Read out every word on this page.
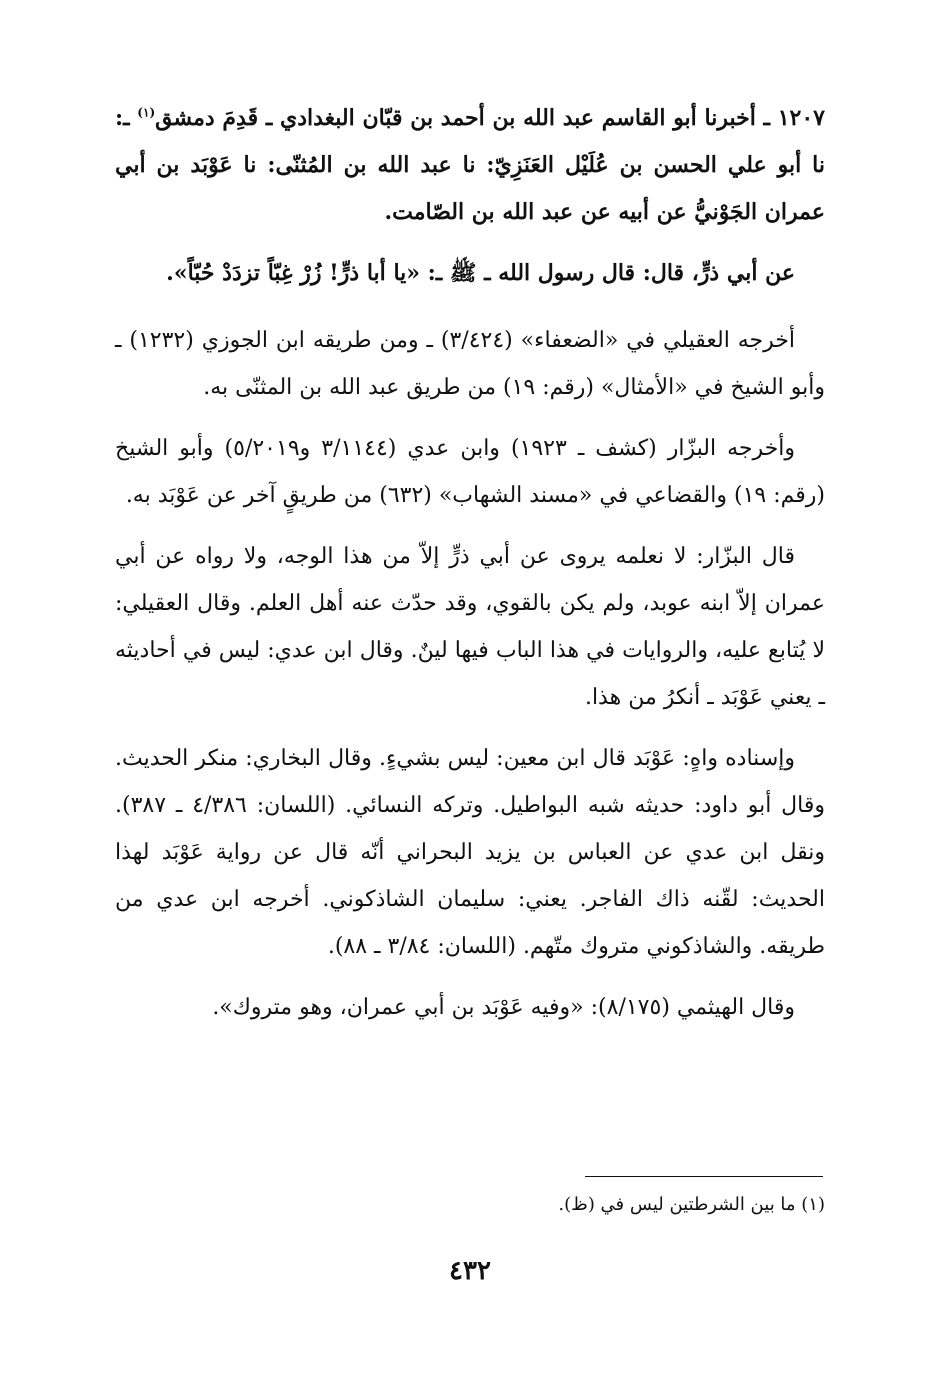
١٢٠٧ ـ أخبرنا أبو القاسم عبد الله بن أحمد بن قبّان البغدادي ـ قَدِمَ دمشق$^{(١)}$ ـ: نا أبو علي الحسن بن عُلَيْل العَنَزِيّ: نا عبد الله بن المُثنّى: نا عَوْبَد بن أبي عمران الجَوْنيُّ عن أبيه عن عبد الله بن الصّامت.

عن أبي ذرٍّ، قال: قال رسول الله ـ ﷺ ـ: «يا أبا ذرٍّ! زُرْ غِبّاً تزدَدْ حُبّاً».

أخرجه العقيلي في «الضعفاء» (٣/٤٢٤) ـ ومن طريقه ابن الجوزي (١٢٣٢) ـ وأبو الشيخ في «الأمثال» (رقم: ١٩) من طريق عبد الله بن المثنّى به.

وأخرجه البزّار (كشف ـ ١٩٢٣) وابن عدي (٣/١١٤٤ و٥/٢٠١٩) وأبو الشيخ (رقم: ١٩) والقضاعي في «مسند الشهاب» (٦٣٢) من طريقٍ آخر عن عَوْبَد به.

قال البزّار: لا نعلمه يروى عن أبي ذرٍّ إلاّ من هذا الوجه، ولا رواه عن أبي عمران إلاّ ابنه عوبد، ولم يكن بالقوي، وقد حدّث عنه أهل العلم. وقال العقيلي: لا يُتابع عليه، والروايات في هذا الباب فيها لينٌ. وقال ابن عدي: ليس في أحاديثه ـ يعني عَوْبَد ـ أنكرُ من هذا.

وإسناده واهٍ: عَوْبَد قال ابن معين: ليس بشيءٍ. وقال البخاري: منكر الحديث. وقال أبو داود: حديثه شبه البواطيل. وتركه النسائي. (اللسان: ٤/٣٨٦ ـ ٣٨٧). ونقل ابن عدي عن العباس بن يزيد البحراني أنّه قال عن رواية عَوْبَد لهذا الحديث: لقّنه ذاك الفاجر. يعني: سليمان الشاذكوني. أخرجه ابن عدي من طريقه. والشاذكوني متروك متّهم. (اللسان: ٣/٨٤ ـ ٨٨).

وقال الهيثمي (٨/١٧٥): «وفيه عَوْبَد بن أبي عمران، وهو متروك».

(١) ما بين الشرطتين ليس في (ظ).
٤٣٢
